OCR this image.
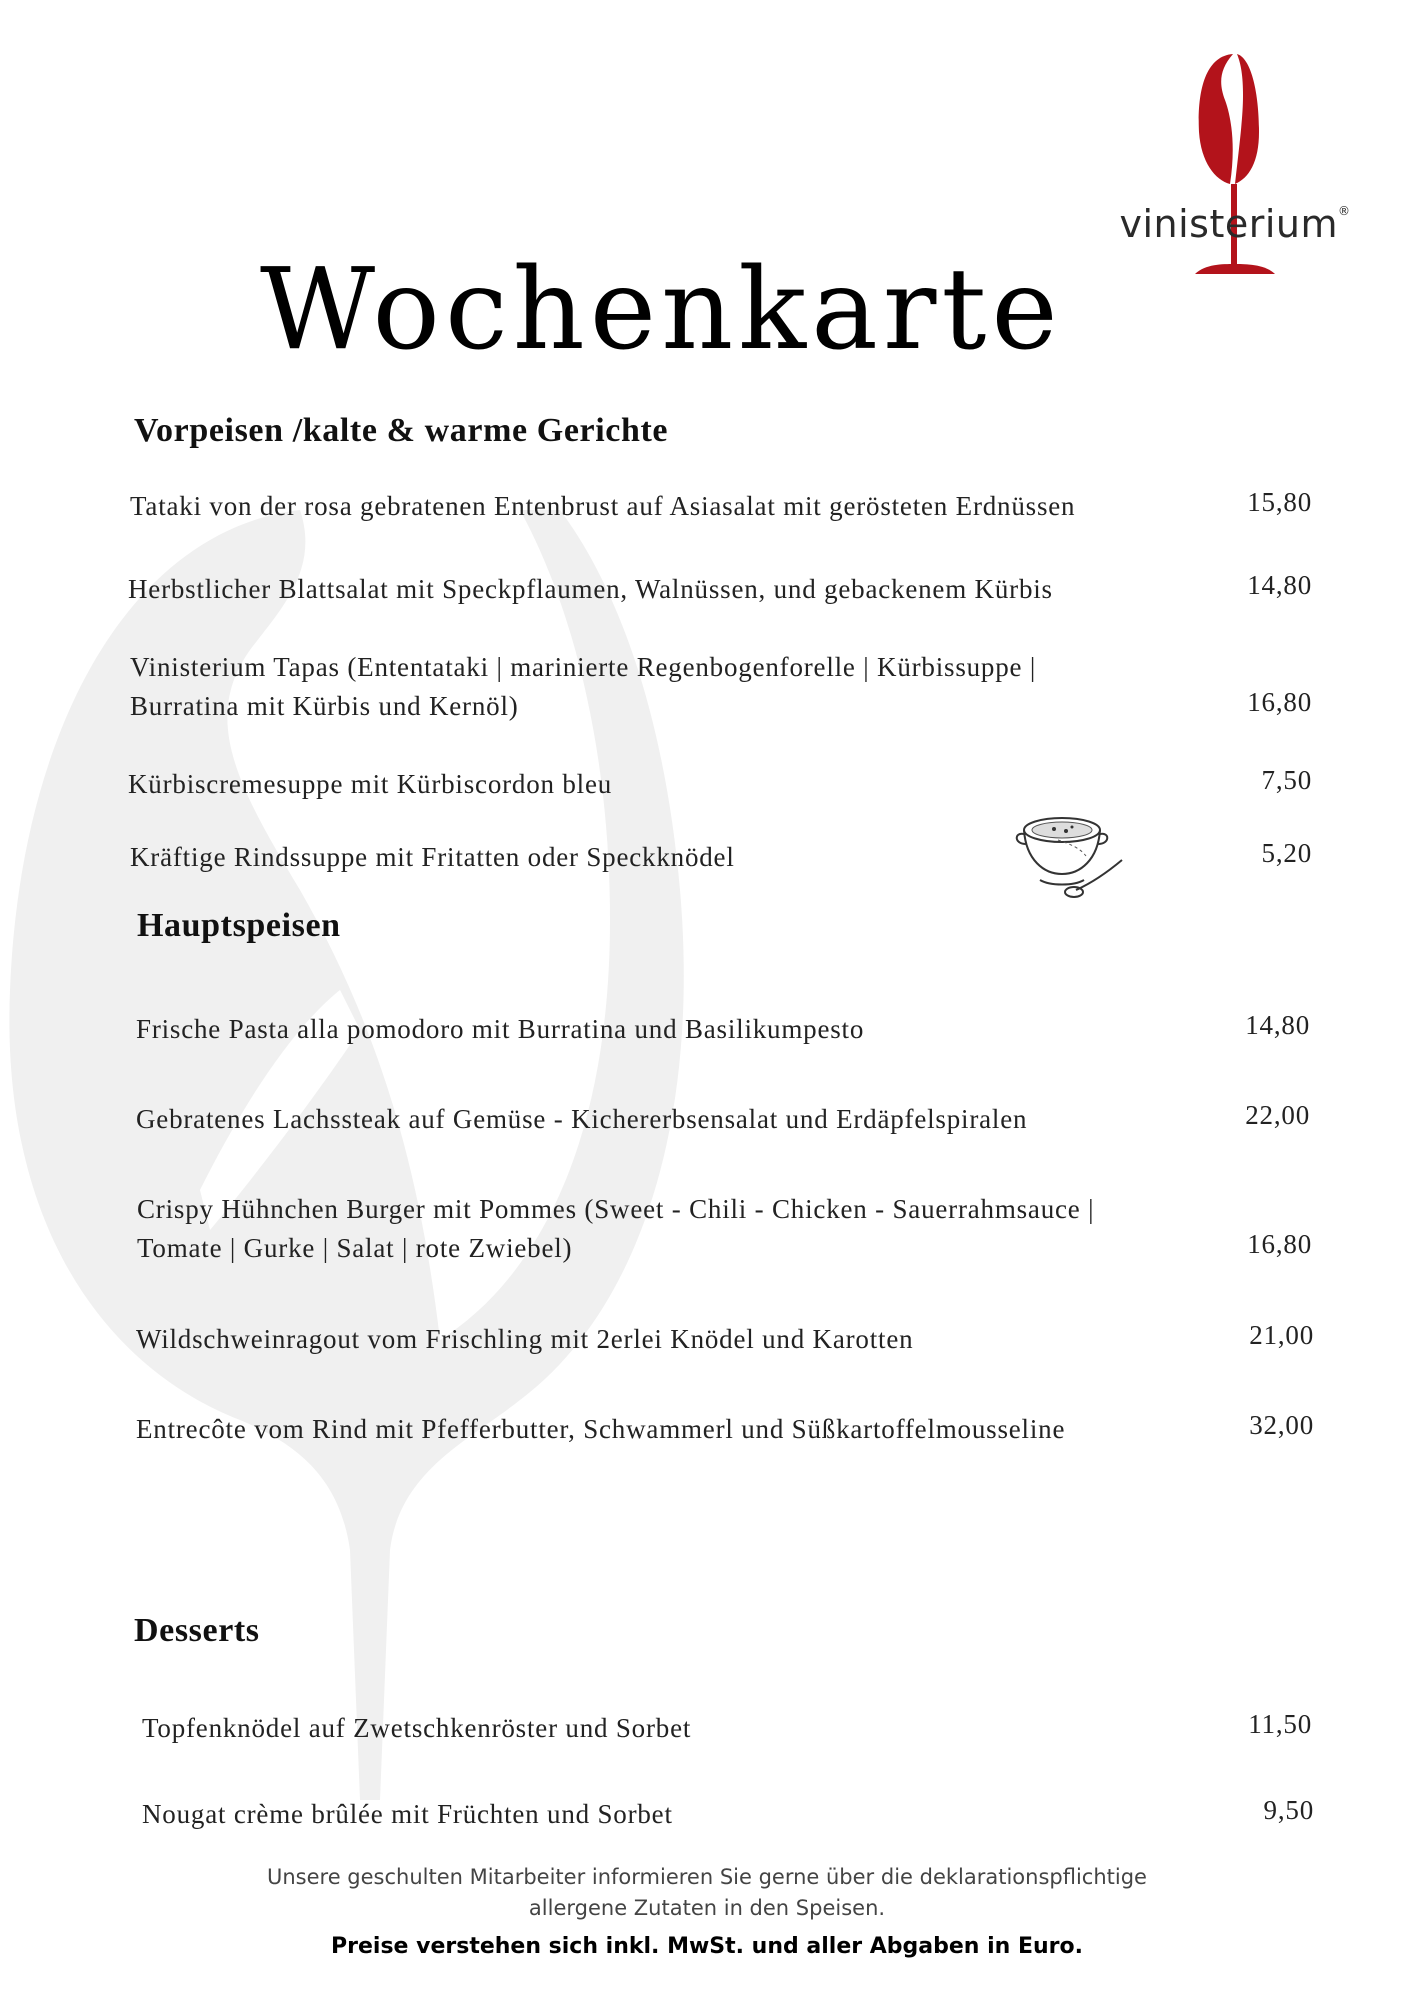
vinisterium®
Wochenkarte
Vorpeisen /kalte & warme Gerichte
Tataki von der rosa gebratenen Entenbrust auf Asiasalat mit gerösteten Erdnüssen	15,80
Herbstlicher Blattsalat mit Speckpflaumen, Walnüssen, und gebackenem Kürbis	14,80
Vinisterium Tapas (Ententataki | marinierte Regenbogenforelle | Kürbissuppe |
Burratina mit Kürbis und Kernöl)	16,80
Kürbiscremesuppe mit Kürbiscordon bleu	7,50
Kräftige Rindssuppe mit Fritatten oder Speckknödel	5,20
Hauptspeisen
Frische Pasta alla pomodoro mit Burratina und Basilikumpesto	14,80
Gebratenes Lachssteak auf Gemüse - Kichererbsensalat und Erdäpfelspiralen	22,00
Crispy Hühnchen Burger mit Pommes (Sweet - Chili - Chicken - Sauerrahmsauce |
Tomate | Gurke | Salat | rote Zwiebel)	16,80
Wildschweinragout vom Frischling mit 2erlei Knödel und Karotten	21,00
Entrecôte vom Rind mit Pfefferbutter, Schwammerl und Süßkartoffelmousseline	32,00
Desserts
Topfenknödel auf Zwetschkenröster und Sorbet	11,50
Nougat crème brûlée mit Früchten und Sorbet	9,50
Unsere geschulten Mitarbeiter informieren Sie gerne über die deklarationspflichtige
allergene Zutaten in den Speisen.
Preise verstehen sich inkl. MwSt. und aller Abgaben in Euro.
